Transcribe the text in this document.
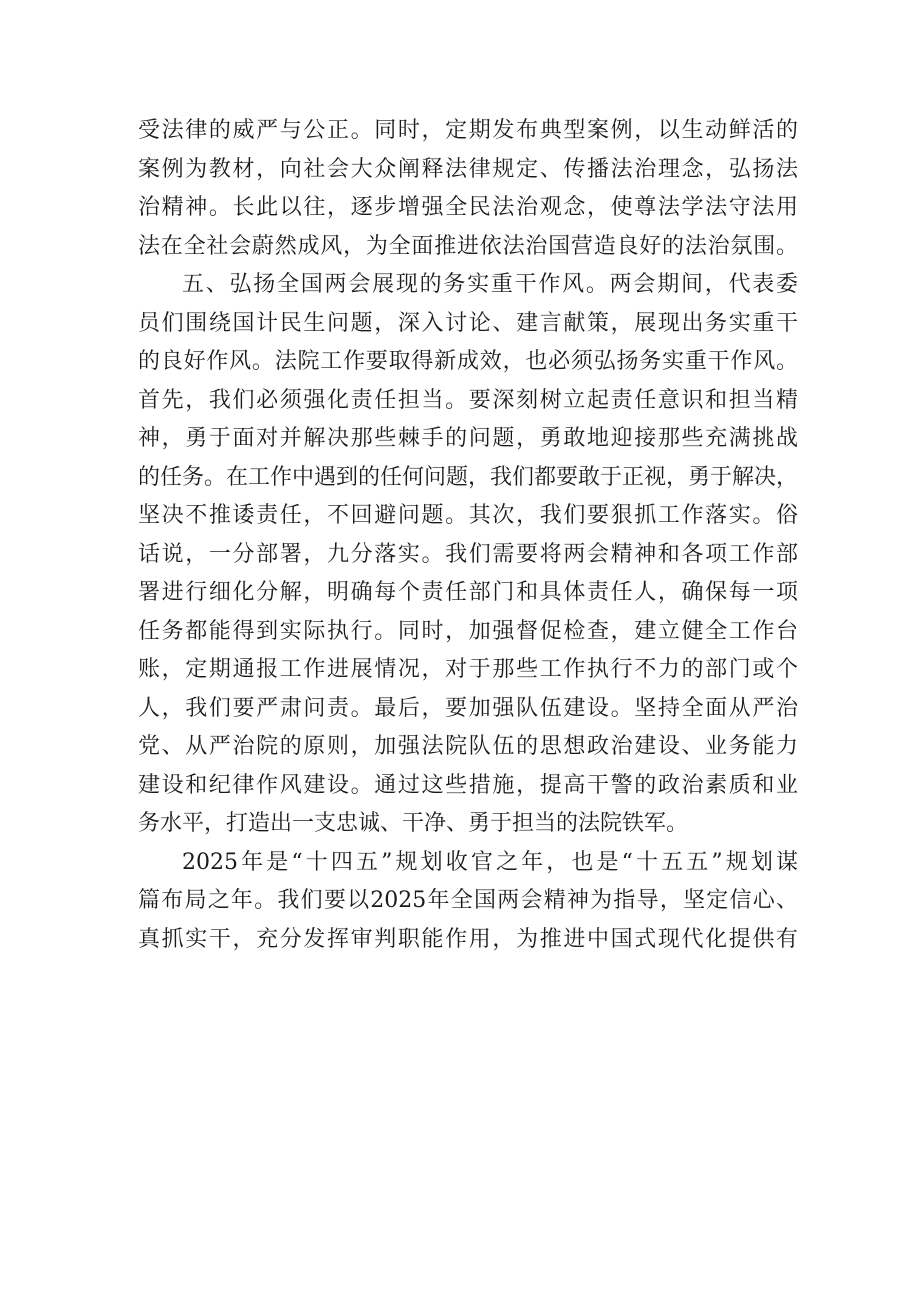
受法律的威严与公正。同时，定期发布典型案例，以生动鲜活的
案例为教材，向社会大众阐释法律规定、传播法治理念，弘扬法
治精神。长此以往，逐步增强全民法治观念，使尊法学法守法用
法在全社会蔚然成风，为全面推进依法治国营造良好的法治氛围。
五、弘扬全国两会展现的务实重干作风。两会期间，代表委
员们围绕国计民生问题，深入讨论、建言献策，展现出务实重干
的良好作风。法院工作要取得新成效，也必须弘扬务实重干作风。
首先，我们必须强化责任担当。要深刻树立起责任意识和担当精
神，勇于面对并解决那些棘手的问题，勇敢地迎接那些充满挑战
的任务。在工作中遇到的任何问题，我们都要敢于正视，勇于解决，
坚决不推诿责任，不回避问题。其次，我们要狠抓工作落实。俗
话说，一分部署，九分落实。我们需要将两会精神和各项工作部
署进行细化分解，明确每个责任部门和具体责任人，确保每一项
任务都能得到实际执行。同时，加强督促检查，建立健全工作台
账，定期通报工作进展情况，对于那些工作执行不力的部门或个
人，我们要严肃问责。最后，要加强队伍建设。坚持全面从严治
党、从严治院的原则，加强法院队伍的思想政治建设、业务能力
建设和纪律作风建设。通过这些措施，提高干警的政治素质和业
务水平，打造出一支忠诚、干净、勇于担当的法院铁军。
2025年是“十四五”规划收官之年，也是“十五五”规划谋
篇布局之年。我们要以2025年全国两会精神为指导，坚定信心、
真抓实干，充分发挥审判职能作用，为推进中国式现代化提供有
